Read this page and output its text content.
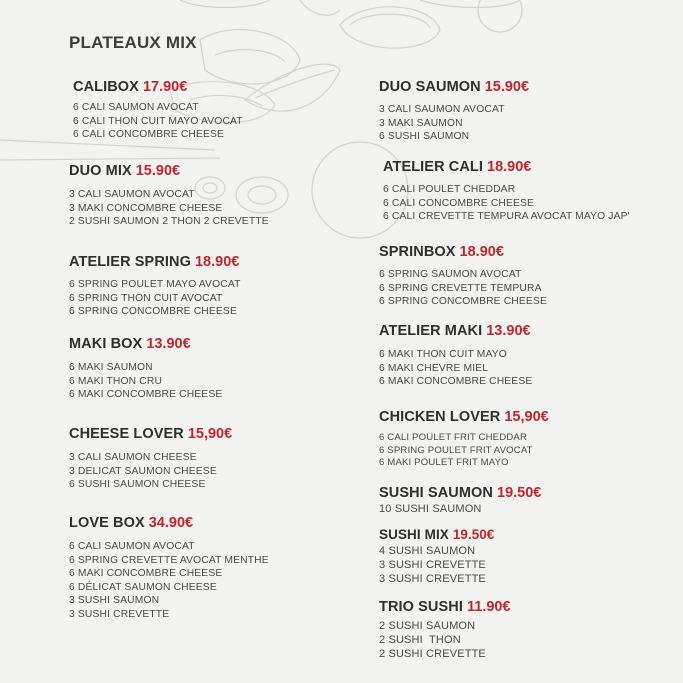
PLATEAUX MIX
CALIBOX 17.90€
6 CALI SAUMON AVOCAT
6 CALI THON CUIT MAYO AVOCAT
6 CALI CONCOMBRE CHEESE
DUO MIX 15.90€
3 CALI SAUMON AVOCAT
3 MAKI CONCOMBRE CHEESE
2 SUSHI SAUMON 2 THON 2 CREVETTE
ATELIER SPRING 18.90€
6 SPRING POULET MAYO AVOCAT
6 SPRING THON CUIT AVOCAT
6 SPRING CONCOMBRE CHEESE
MAKI BOX 13.90€
6 MAKI SAUMON
6 MAKI THON CRU
6 MAKI CONCOMBRE CHEESE
CHEESE LOVER 15,90€
3 CALI SAUMON CHEESE
3 DELICAT SAUMON CHEESE
6 SUSHI SAUMON CHEESE
LOVE BOX 34.90€
6 CALI SAUMON AVOCAT
6 SPRING CREVETTE AVOCAT MENTHE
6 MAKI CONCOMBRE CHEESE
6 DÉLICAT SAUMON CHEESE
3 SUSHI SAUMON
3 SUSHI CREVETTE
DUO SAUMON 15.90€
3 CALI SAUMON AVOCAT
3 MAKI SAUMON
6 SUSHI SAUMON
ATELIER CALI 18.90€
6 CALI POULET CHEDDAR
6 CALI CONCOMBRE CHEESE
6 CALI CREVETTE TEMPURA AVOCAT MAYO JAP'
SPRINBOX 18.90€
6 SPRING SAUMON AVOCAT
6 SPRING CREVETTE TEMPURA
6 SPRING CONCOMBRE CHEESE
ATELIER MAKI 13.90€
6 MAKI THON CUIT MAYO
6 MAKI CHEVRE MIEL
6 MAKI CONCOMBRE CHEESE
CHICKEN LOVER 15,90€
6 CALI POULET FRIT CHEDDAR
6 SPRING POULET FRIT AVOCAT
6 MAKI POULET FRIT MAYO
SUSHI SAUMON 19.50€
10 SUSHI SAUMON
SUSHI MIX 19.50€
4 SUSHI SAUMON
3 SUSHI CREVETTE
3 SUSHI CREVETTE
TRIO SUSHI 11.90€
2 SUSHI SAUMON
2 SUSHI  THON
2 SUSHI CREVETTE
